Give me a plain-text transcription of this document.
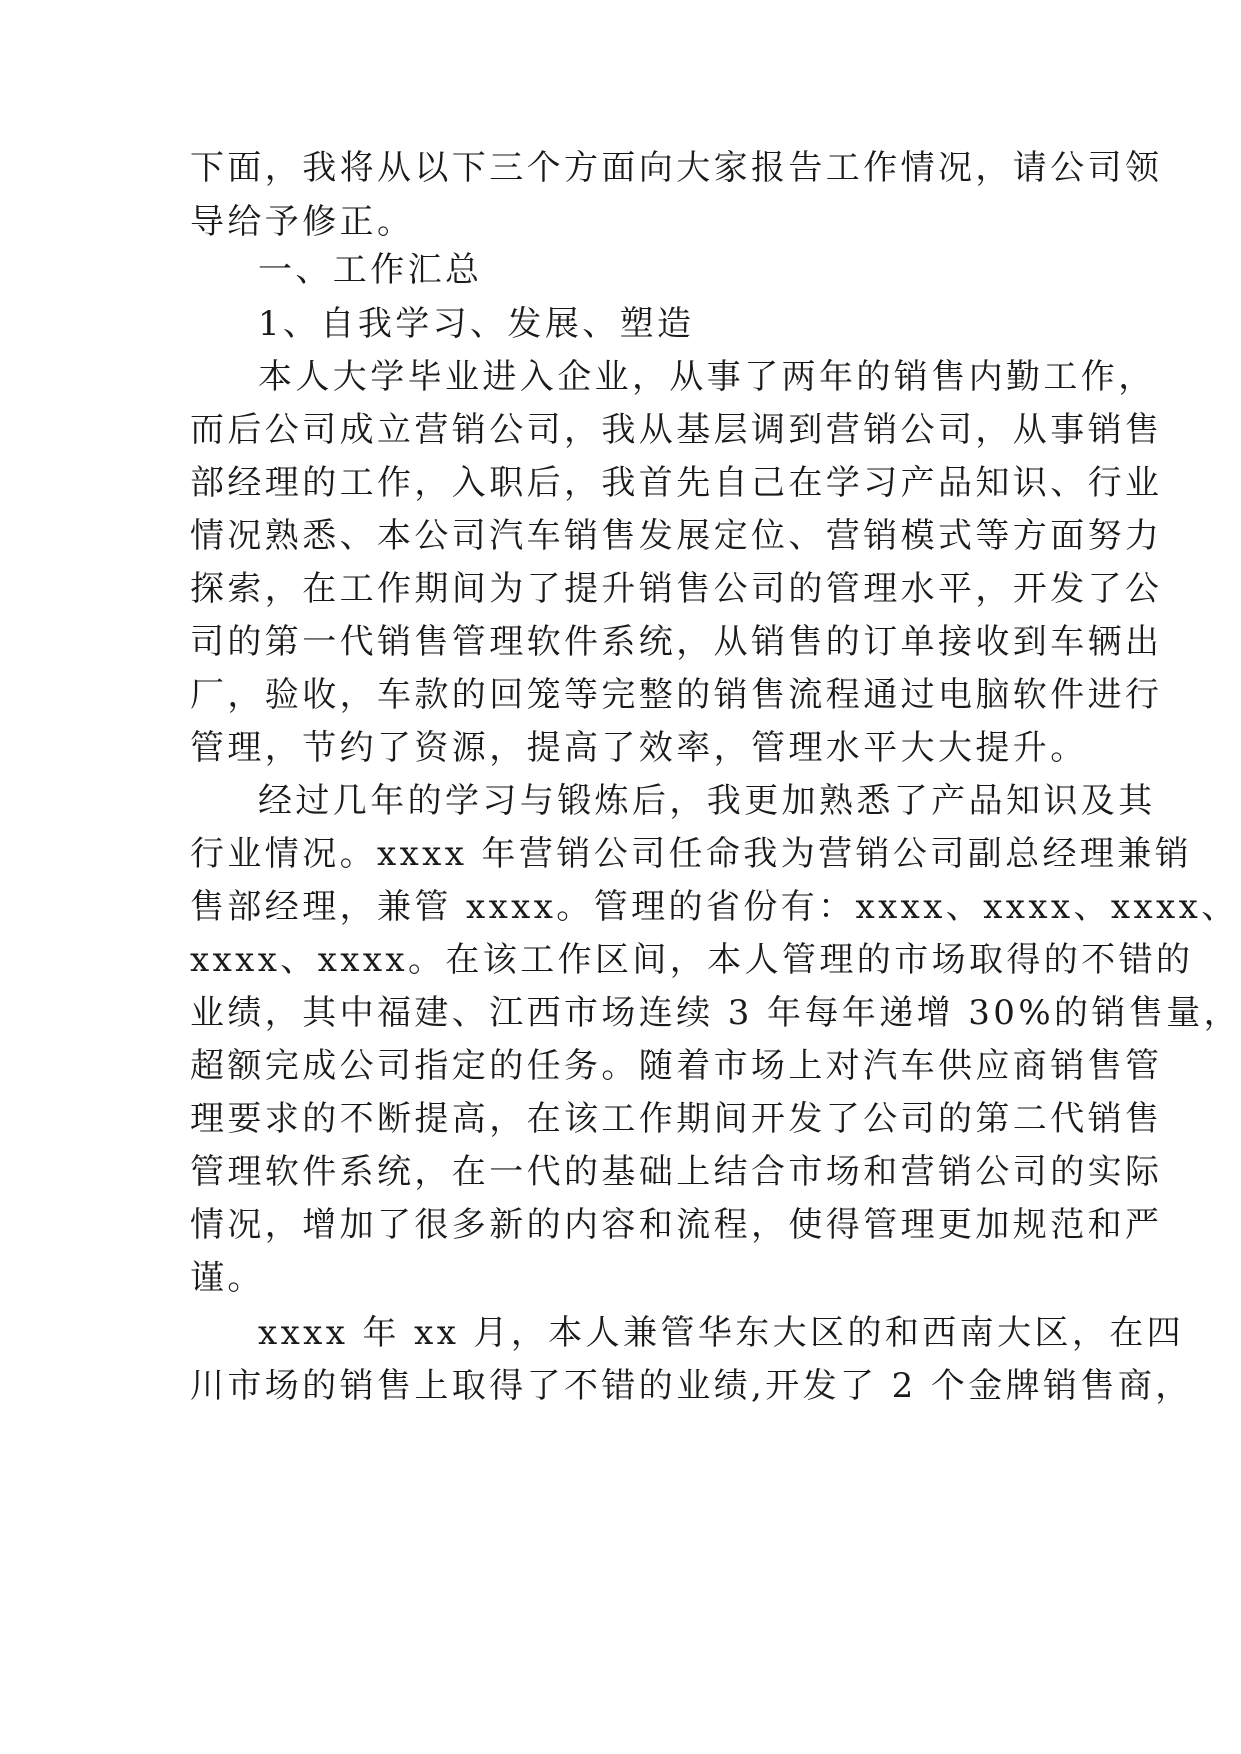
下面，我将从以下三个方面向大家报告工作情况，请公司领
导给予修正。
一、工作汇总
1、自我学习、发展、塑造
本人大学毕业进入企业，从事了两年的销售内勤工作，
而后公司成立营销公司，我从基层调到营销公司，从事销售
部经理的工作，入职后，我首先自己在学习产品知识、行业
情况熟悉、本公司汽车销售发展定位、营销模式等方面努力
探索，在工作期间为了提升销售公司的管理水平，开发了公
司的第一代销售管理软件系统，从销售的订单接收到车辆出
厂，验收，车款的回笼等完整的销售流程通过电脑软件进行
管理，节约了资源，提高了效率，管理水平大大提升。
经过几年的学习与锻炼后，我更加熟悉了产品知识及其
行业情况。xxxx 年营销公司任命我为营销公司副总经理兼销
售部经理，兼管 xxxx。管理的省份有：xxxx、xxxx、xxxx、
xxxx、xxxx。在该工作区间，本人管理的市场取得的不错的
业绩，其中福建、江西市场连续 3 年每年递增 30%的销售量，
超额完成公司指定的任务。随着市场上对汽车供应商销售管
理要求的不断提高，在该工作期间开发了公司的第二代销售
管理软件系统，在一代的基础上结合市场和营销公司的实际
情况，增加了很多新的内容和流程，使得管理更加规范和严
谨。
xxxx 年 xx 月，本人兼管华东大区的和西南大区，在四
川市场的销售上取得了不错的业绩,开发了 2 个金牌销售商，
